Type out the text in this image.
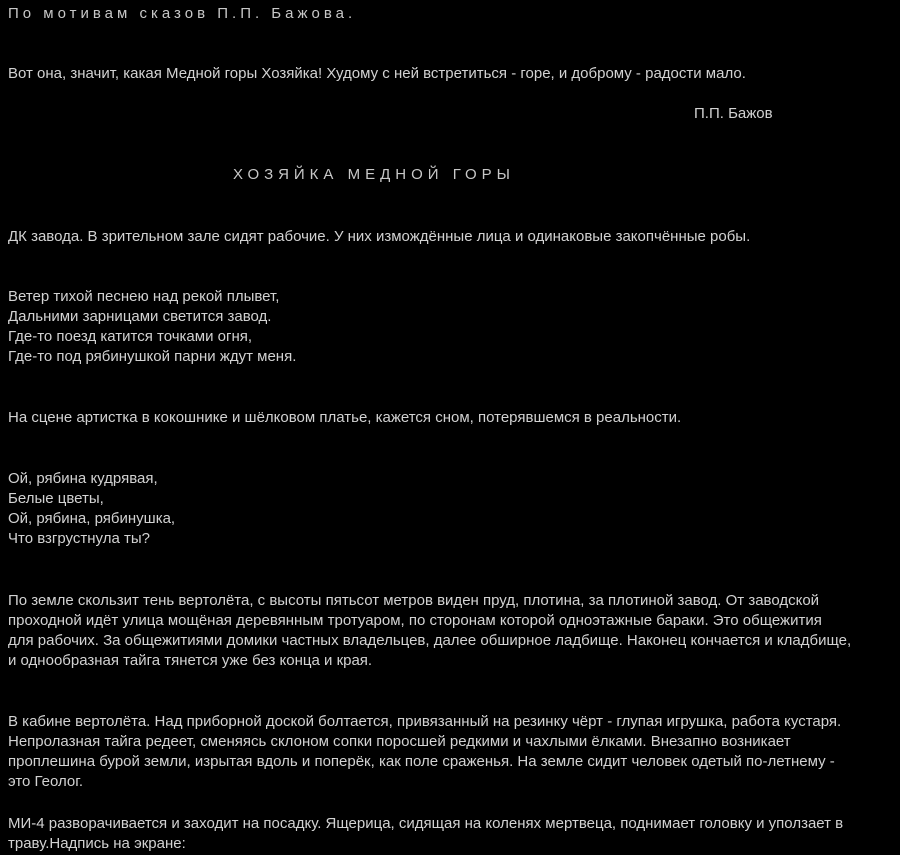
По мотивам сказов П.П. Бажова.
Вот она, значит, какая Медной горы Хозяйка! Худому с ней встретиться - горе, и доброму - радости мало.
П.П. Бажов
ХОЗЯЙКА МЕДНОЙ ГОРЫ
ДК завода. В зрительном зале сидят рабочие. У них измождённые лица и одинаковые закопчённые робы.
Ветер тихой песнею над рекой плывет,
Дальними зарницами светится завод.
Где-то поезд катится точками огня,
Где-то под рябинушкой парни ждут меня.
На сцене артистка в кокошнике и шёлковом платье, кажется сном, потерявшемся в реальности.
Ой, рябина кудрявая,
Белые цветы,
Ой, рябина, рябинушка,
Что взгрустнула ты?
По земле скользит тень вертолёта, с высоты пятьсот метров виден пруд, плотина, за плотиной завод. От заводской
проходной идёт улица мощёная деревянным тротуаром, по сторонам которой одноэтажные бараки. Это общежития
для рабочих. За общежитиями домики частных владельцев, далее обширное ладбище. Наконец кончается и кладбище,
и однообразная тайга тянется уже без конца и края.
В кабине вертолёта. Над приборной доской болтается, привязанный на резинку чёрт - глупая игрушка, работа кустаря.
Непролазная тайга редеет, сменяясь склоном сопки поросшей редкими и чахлыми ёлками. Внезапно возникает
проплешина бурой земли, изрытая вдоль и поперёк, как поле сраженья. На земле сидит человек одетый по-летнему -
это Геолог.
МИ-4 разворачивается и заходит на посадку. Ящерица, сидящая на коленях мертвеца, поднимает головку и уползает в
траву.Надпись на экране:
